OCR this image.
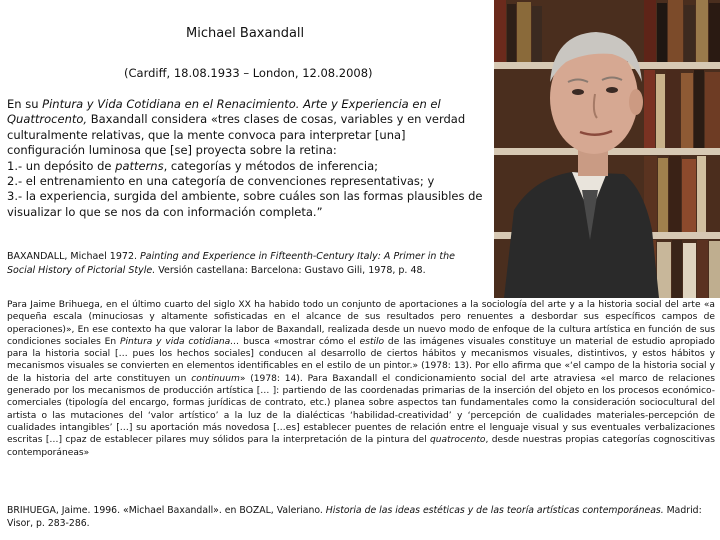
Michael Baxandall
(Cardiff, 18.08.1933 – London, 12.08.2008)

En su Pintura y Vida Cotidiana en el Renacimiento. Arte y Experiencia en el Quattrocento, Baxandall considera «tres clases de cosas, variables y en verdad culturalmente relativas, que la mente convoca para interpretar [una] configuración luminosa que [se] proyecta sobre la retina:

1.- un depósito de patterns, categorías y métodos de inferencia;

2.- el entrenamiento en una categoría de convenciones representativas; y

3.- la experiencia, surgida del ambiente, sobre cuáles son las formas plausibles de visualizar lo que se nos da con información completa.”

BAXANDALL, Michael 1972. Painting and Experience in Fifteenth-Century Italy: A Primer in the Social History of Pictorial Style. Versión castellana: Barcelona: Gustavo Gili, 1978, p. 48.
Para Jaime Brihuega, en el último cuarto del siglo XX ha habido todo un conjunto de aportaciones a la sociología del arte y a la historia social del arte «a pequeña escala (minuciosas y altamente sofisticadas en el alcance de sus resultados pero renuentes a desbordar sus específicos campos de operaciones)», En ese contexto ha que valorar la labor de Baxandall, realizada desde un nuevo modo de enfoque de la cultura artística en función de sus condiciones sociales En Pintura y vida cotidiana… busca «mostrar cómo el estilo de las imágenes visuales constituye un material de estudio apropiado para la historia social [… pues los hechos sociales] conducen al desarrollo de ciertos hábitos y mecanismos visuales, distintivos, y estos hábitos y mecanismos visuales se convierten en elementos identificables en el estilo de un pintor.» (1978: 13). Por ello afirma que «‘el campo de la historia social y de la historia del arte constituyen un continuum» (1978: 14). Para Baxandall el condicionamiento social del arte atraviesa «el marco de relaciones generado por los mecanismos de producción artística [… ]: partiendo de las coordenadas primarias de la inserción del objeto en los procesos económico-comerciales (tipología del encargo, formas jurídicas de contrato, etc.) planea sobre aspectos tan fundamentales como la consideración sociocultural del artista o las mutaciones del ‘valor artístico’ a la luz de la dialécticas ‘habilidad-creatividad’ y ‘percepción de cualidades materiales-percepción de cualidades intangibles’ […] su aportación más novedosa […es] establecer puentes de relación entre el lenguaje visual y sus eventuales verbalizaciones escritas […] cpaz de establecer pilares muy sólidos para la interpretación de la pintura del quatrocento, desde nuestras propias categorías cognoscitivas contemporáneas»
BRIHUEGA, Jaime. 1996. «Michael Baxandall». en BOZAL, Valeriano. Historia de las ideas estéticas y de las teoría artísticas contemporáneas. Madrid: Visor, p. 283-286.
